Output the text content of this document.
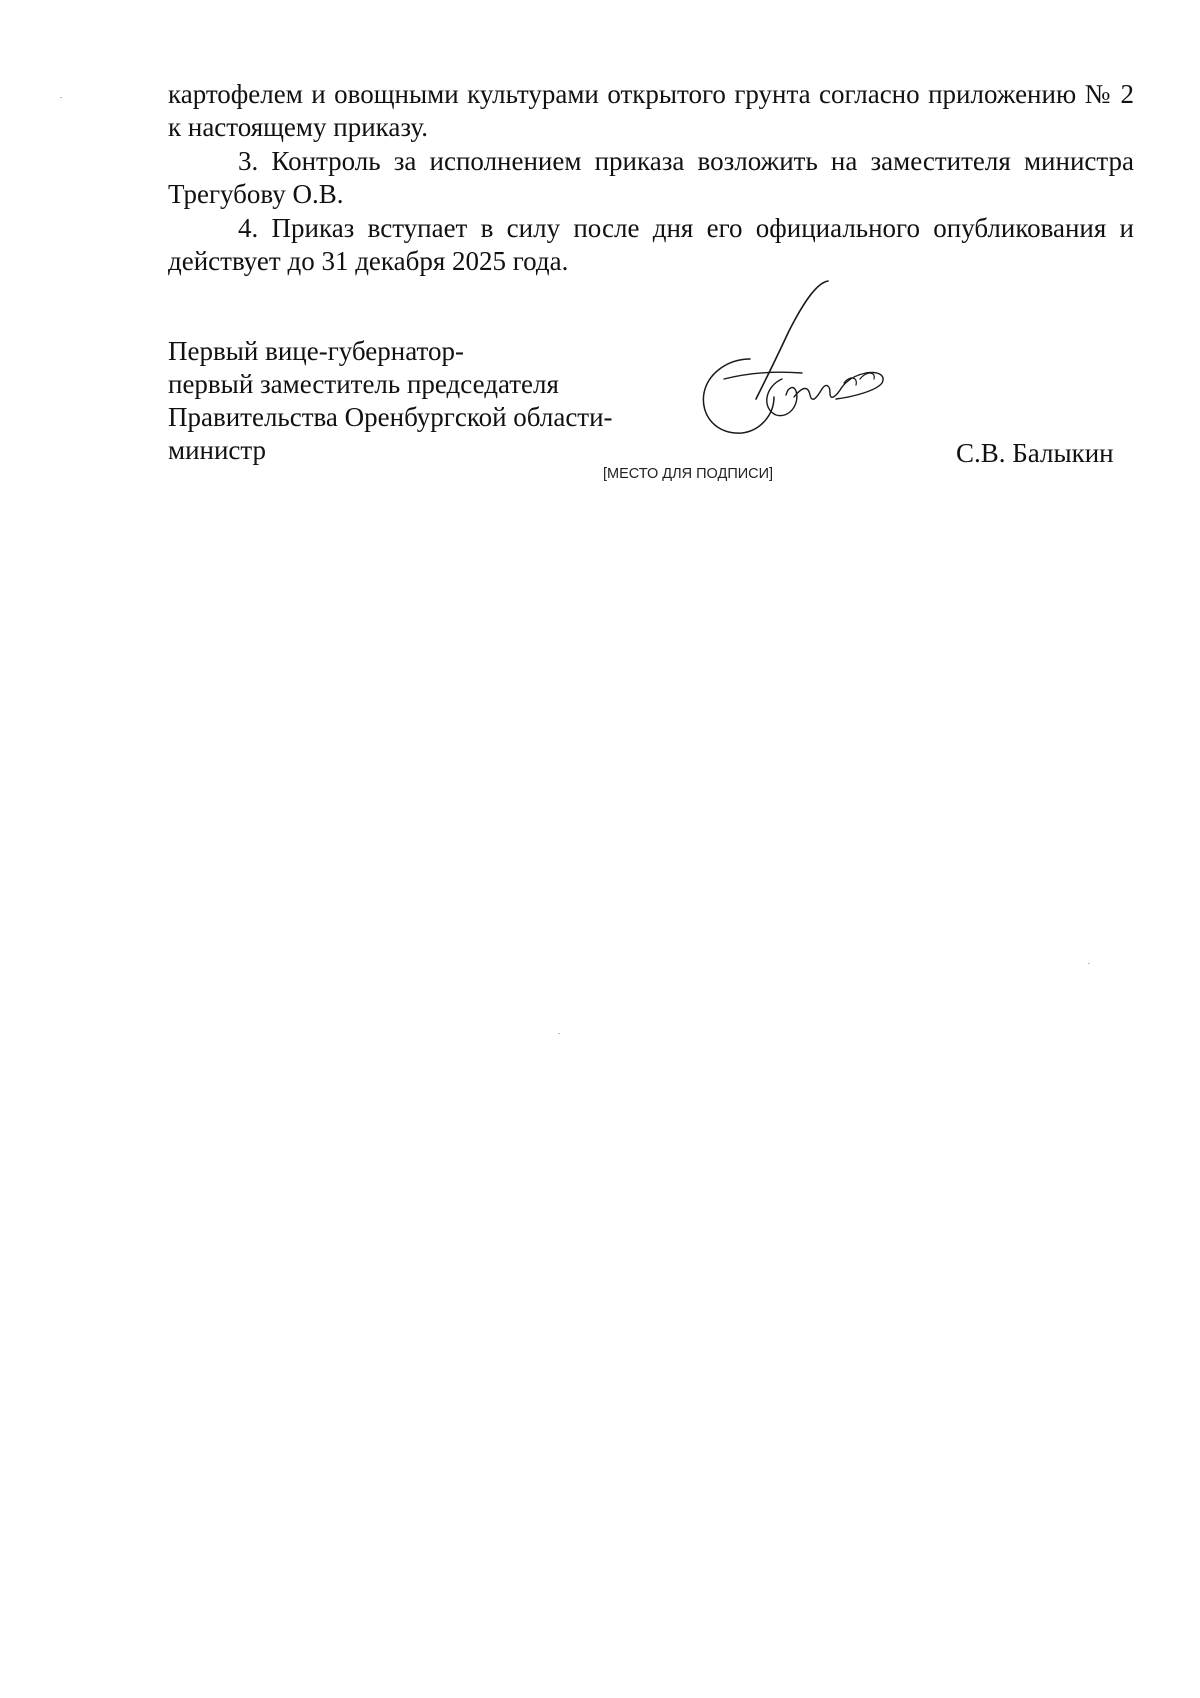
картофелем и овощными культурами открытого грунта согласно приложению № 2 к настоящему приказу.

3. Контроль за исполнением приказа возложить на заместителя министра Трегубову О.В.

4. Приказ вступает в силу после дня его официального опубликования и действует до 31 декабря 2025 года.

Первый вице-губернатор-
первый заместитель председателя
Правительства Оренбургской области-
министр
[МЕСТО ДЛЯ ПОДПИСИ]
С.В. Балыкин
